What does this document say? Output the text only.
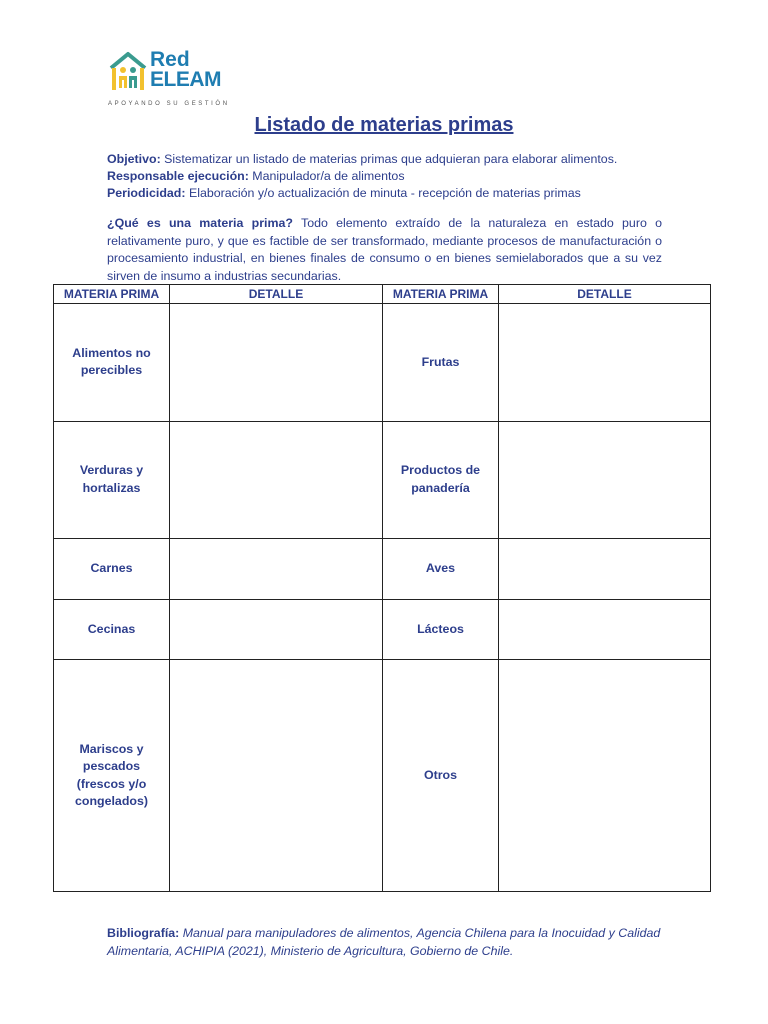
Red
ELEAM
APOYANDO SU GESTIÓN
Listado de materias primas
Objetivo: Sistematizar un listado de materias primas que adquieran para elaborar alimentos.
Responsable ejecución: Manipulador/a de alimentos
Periodicidad: Elaboración y/o actualización de minuta - recepción de materias primas
¿Qué es una materia prima? Todo elemento extraído de la naturaleza en estado puro o relativamente puro, y que es factible de ser transformado, mediante procesos de manufacturación o procesamiento industrial, en bienes finales de consumo o en bienes semielaborados que a su vez sirven de insumo a industrias secundarias.
MATERIA PRIMA	DETALLE	MATERIA PRIMA	DETALLE
Alimentos no perecibles		Frutas	
Verduras y hortalizas		Productos de panadería	
Carnes		Aves	
Cecinas		Lácteos	
Mariscos y pescados (frescos y/o congelados)		Otros	
Bibliografía: Manual para manipuladores de alimentos, Agencia Chilena para la Inocuidad y Calidad Alimentaria, ACHIPIA (2021), Ministerio de Agricultura, Gobierno de Chile.
